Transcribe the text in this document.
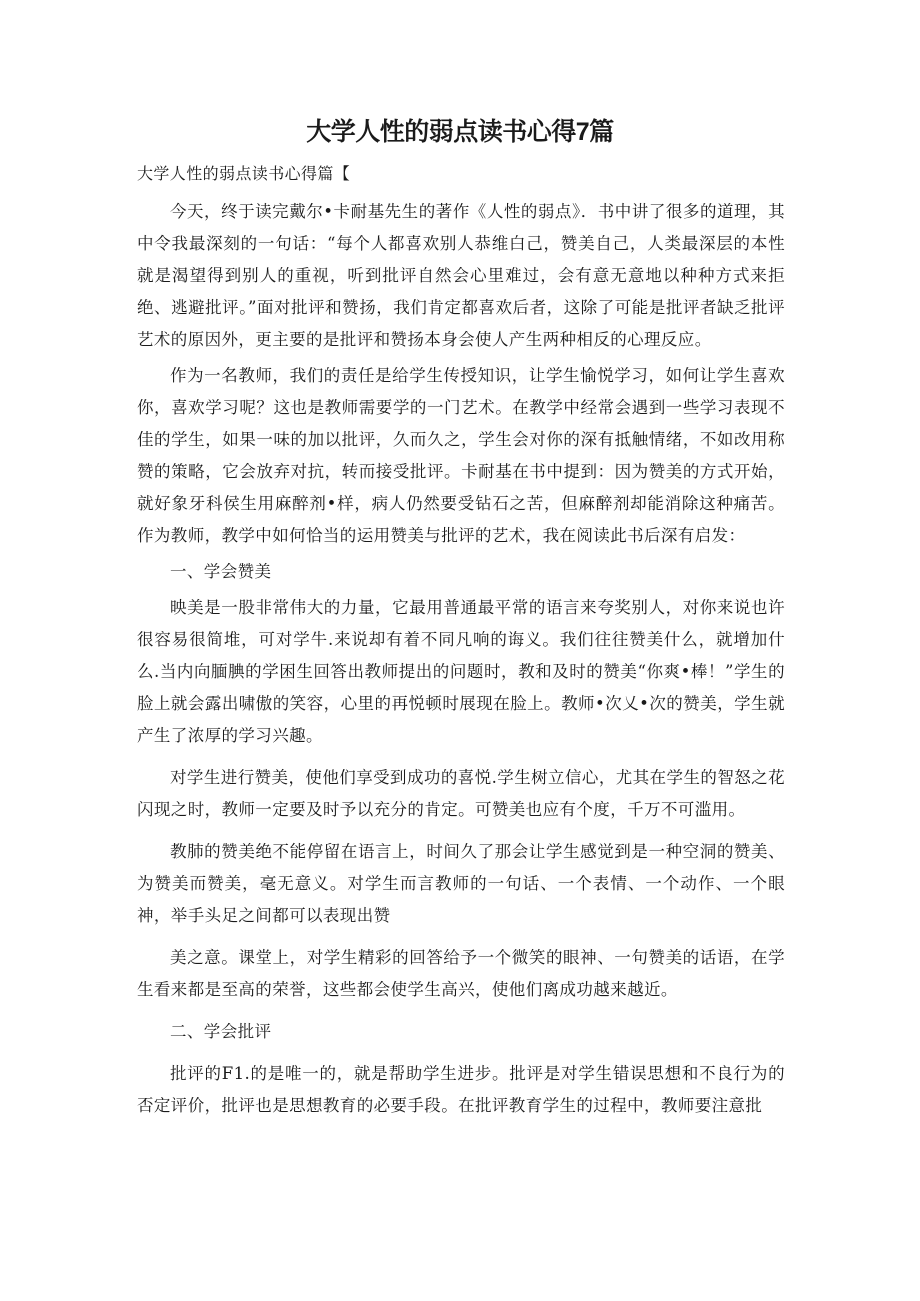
大学人性的弱点读书心得7篇

大学人性的弱点读书心得篇【

今天，终于读完戴尔•卡耐基先生的著作《人性的弱点》．书中讲了很多的道理，其中令我最深刻的一句话：“每个人都喜欢别人恭维白己，赞美自己，人类最深层的本性就是渴望得到别人的重视，听到批评自然会心里难过，会有意无意地以种种方式来拒绝、逃避批评。”面对批评和赞扬，我们肯定都喜欢后者，这除了可能是批评者缺乏批评艺术的原因外，更主要的是批评和赞扬本身会使人产生两种相反的心理反应。

作为一名教师，我们的责任是给学生传授知识，让学生愉悦学习，如何让学生喜欢你，喜欢学习呢？这也是教师需要学的一门艺术。在教学中经常会遇到一些学习表现不佳的学生，如果一味的加以批评，久而久之，学生会对你的深有抵触情绪，不如改用称赞的策略，它会放弃对抗，转而接受批评。卡耐基在书中提到：因为赞美的方式开始，就好象牙科侯生用麻醉剂•样，病人仍然要受钻石之苦，但麻醉剂却能消除这种痛苦。作为教师，教学中如何恰当的运用赞美与批评的艺术，我在阅读此书后深有启发：

一、学会赞美

映美是一股非常伟大的力量，它最用普通最平常的语言来夸奖别人，对你来说也许很容易很简堆，可对学牛.来说却有着不同凡响的诲义。我们往往赞美什么，就增加什么.当内向腼腆的学困生回答出教师提出的问题时，教和及时的赞美“你爽•棒！”学生的脸上就会露出啸傲的笑容，心里的再悦顿时展现在脸上。教师•次乂•次的赞美，学生就产生了浓厚的学习兴趣。

对学生进行赞美，使他们享受到成功的喜悦.学生树立信心，尤其在学生的智怒之花闪现之时，教师一定要及时予以充分的肯定。可赞美也应有个度，千万不可滥用。

教肺的赞美绝不能停留在语言上，时间久了那会让学生感觉到是一种空洞的赞美、为赞美而赞美，毫无意义。对学生而言教师的一句话、一个表情、一个动作、一个眼神，举手头足之间都可以表现出赞

美之意。课堂上，对学生精彩的回答给予一个微笑的眼神、一句赞美的话语，在学生看来都是至高的荣誉，这些都会使学生高兴，使他们离成功越来越近。

二、学会批评

批评的F1.的是唯一的，就是帮助学生进步。批评是对学生错误思想和不良行为的否定评价，批评也是思想教育的必要手段。在批评教育学生的过程中，教师要注意批
